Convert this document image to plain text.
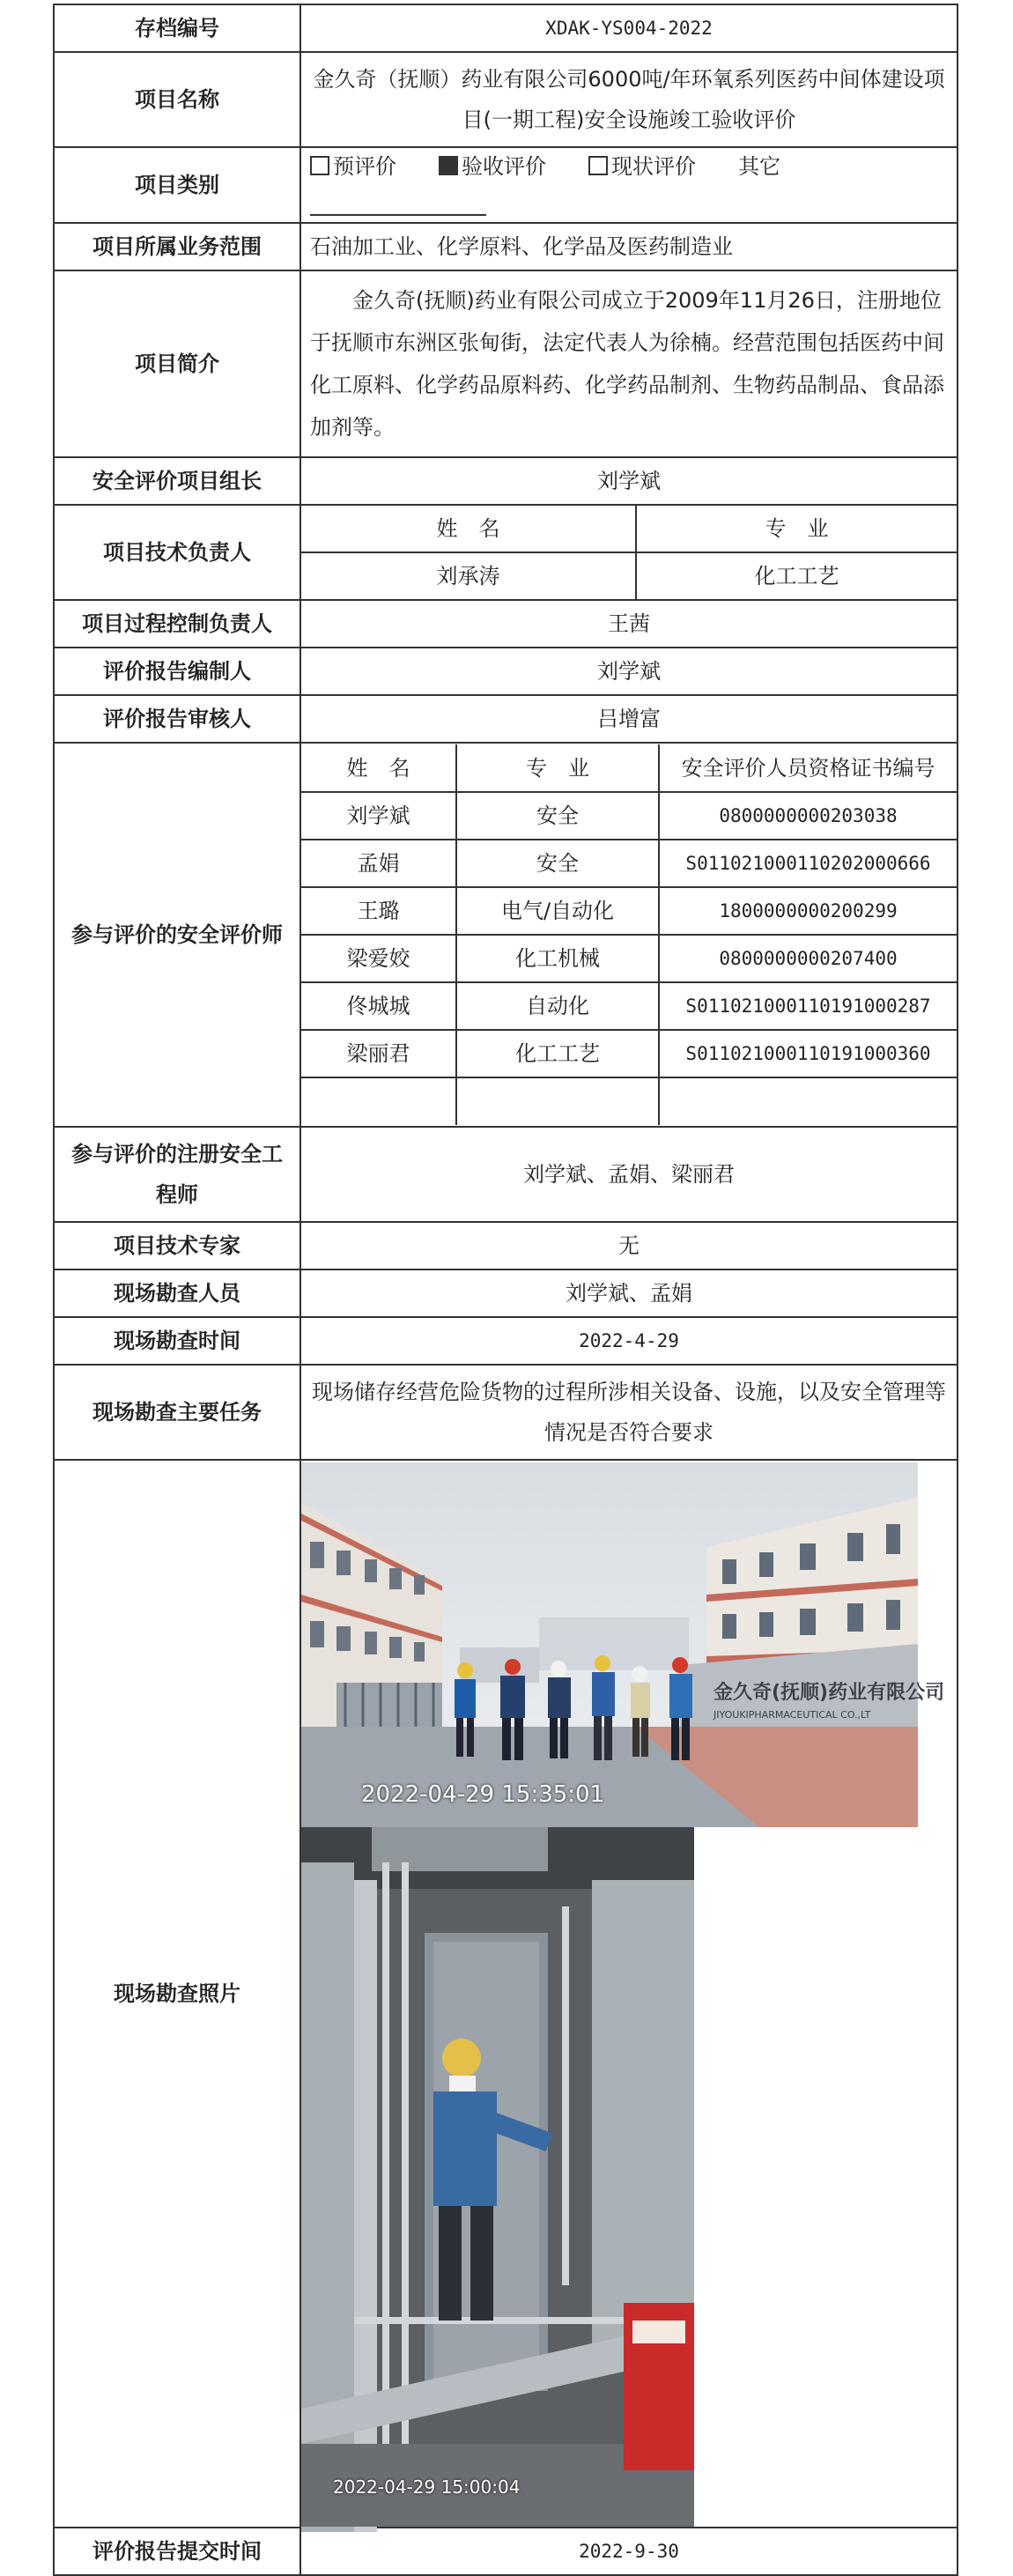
存档编号	XDAK-YS004-2022
项目名称	金久奇（抚顺）药业有限公司6000吨/年环氧系列医药中间体建设项目(一期工程)安全设施竣工验收评价
项目类别	预评价	验收评价	现状评价 其它
项目所属业务范围	石油加工业、化学原料、化学品及医药制造业
项目简介	

金久奇(抚顺)药业有限公司成立于2009年11月26日，注册地位于抚顺市东洲区张甸街，法定代表人为徐楠。经营范围包括医药中间化工原料、化学药品原料药、化学药品制剂、生物药品制品、食品添加剂等。

安全评价项目组长	刘学斌
项目技术负责人	
姓　名	专　业
刘承涛	化工工艺

项目过程控制负责人	王茜
评价报告编制人	刘学斌
评价报告审核人	吕增富
参与评价的安全评价师	
姓　名	专　业	安全评价人员资格证书编号
刘学斌	安全	0800000000203038
孟娟	安全	S011021000110202000666
王璐	电气/自动化	1800000000200299
梁爱姣	化工机械	0800000000207400
佟城城	自动化	S011021000110191000287
梁丽君	化工工艺	S011021000110191000360

参与评价的注册安全工程师	刘学斌、孟娟、梁丽君
项目技术专家	无
现场勘查人员	刘学斌、孟娟
现场勘查时间	2022-4-29
现场勘查主要任务	现场储存经营危险货物的过程所涉相关设备、设施，以及安全管理等情况是否符合要求
现场勘查照片	
金久奇(抚顺)药业有限公司
JIYOUKIPHARMACEUTICAL CO.,LT
2022-04-29 15:35:01
2022-04-29 15:00:04

评价报告提交时间	2022-9-30
